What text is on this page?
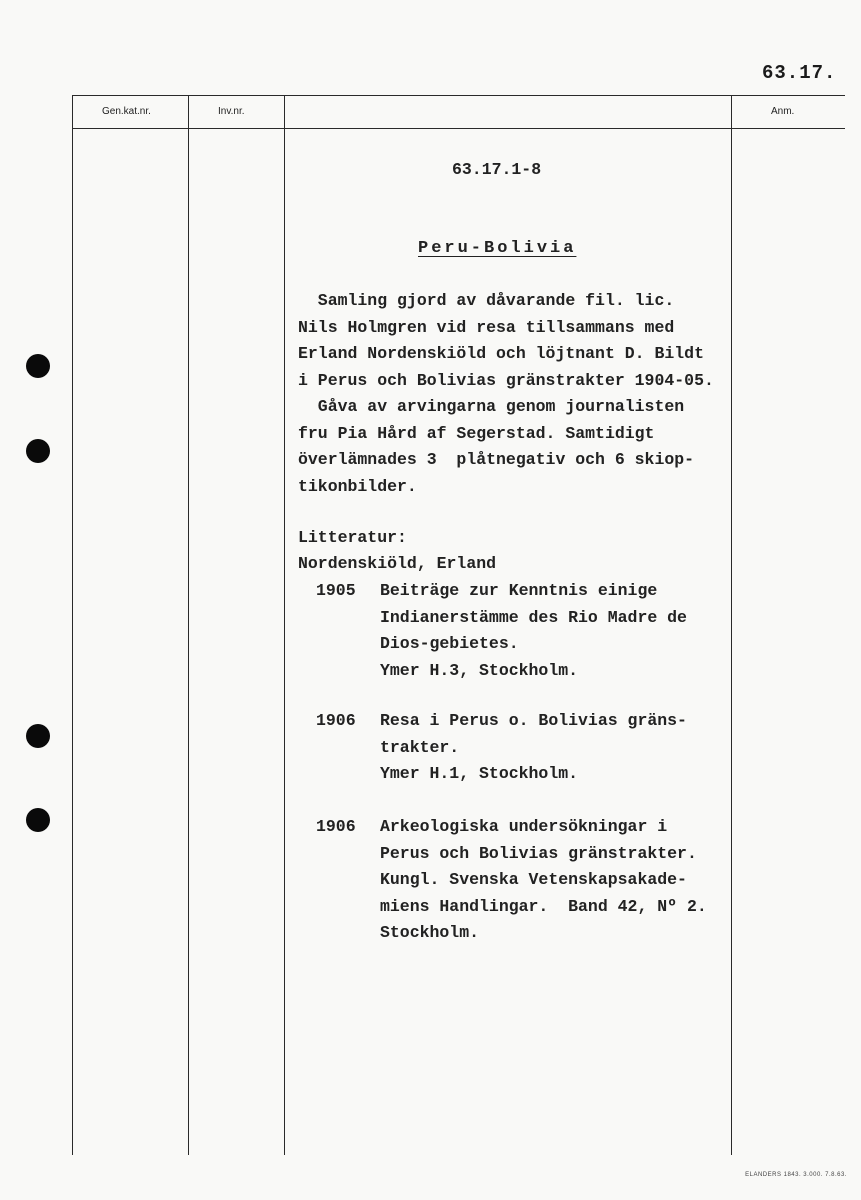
63.17.
Gen.kat.nr.	Inv.nr.	Anm.
63.17.1-8
Peru-Bolivia
Samling gjord av dåvarande fil. lic.
Nils Holmgren vid resa tillsammans med
Erland Nordenskiöld och löjtnant D. Bildt
i Perus och Bolivias gränstrakter 1904-05.
Gåva av arvingarna genom journalisten
fru Pia Hård af Segerstad. Samtidigt
överlämnades 3  plåtnegativ och 6 skiop-
tikonbilder.
Litteratur:
Nordenskiöld, Erland
1905 Beiträge zur Kenntnis einige
Indianerstämme des Rio Madre de
Dios-gebietes.
Ymer H.3, Stockholm.
1906 Resa i Perus o. Bolivias gräns-
trakter.
Ymer H.1, Stockholm.
1906 Arkeologiska undersökningar i
Perus och Bolivias gränstrakter.
Kungl. Svenska Vetenskapsakade-
miens Handlingar.  Band 42, Nº 2.
Stockholm.
ELANDERS 1843. 3.000. 7.8.63.
